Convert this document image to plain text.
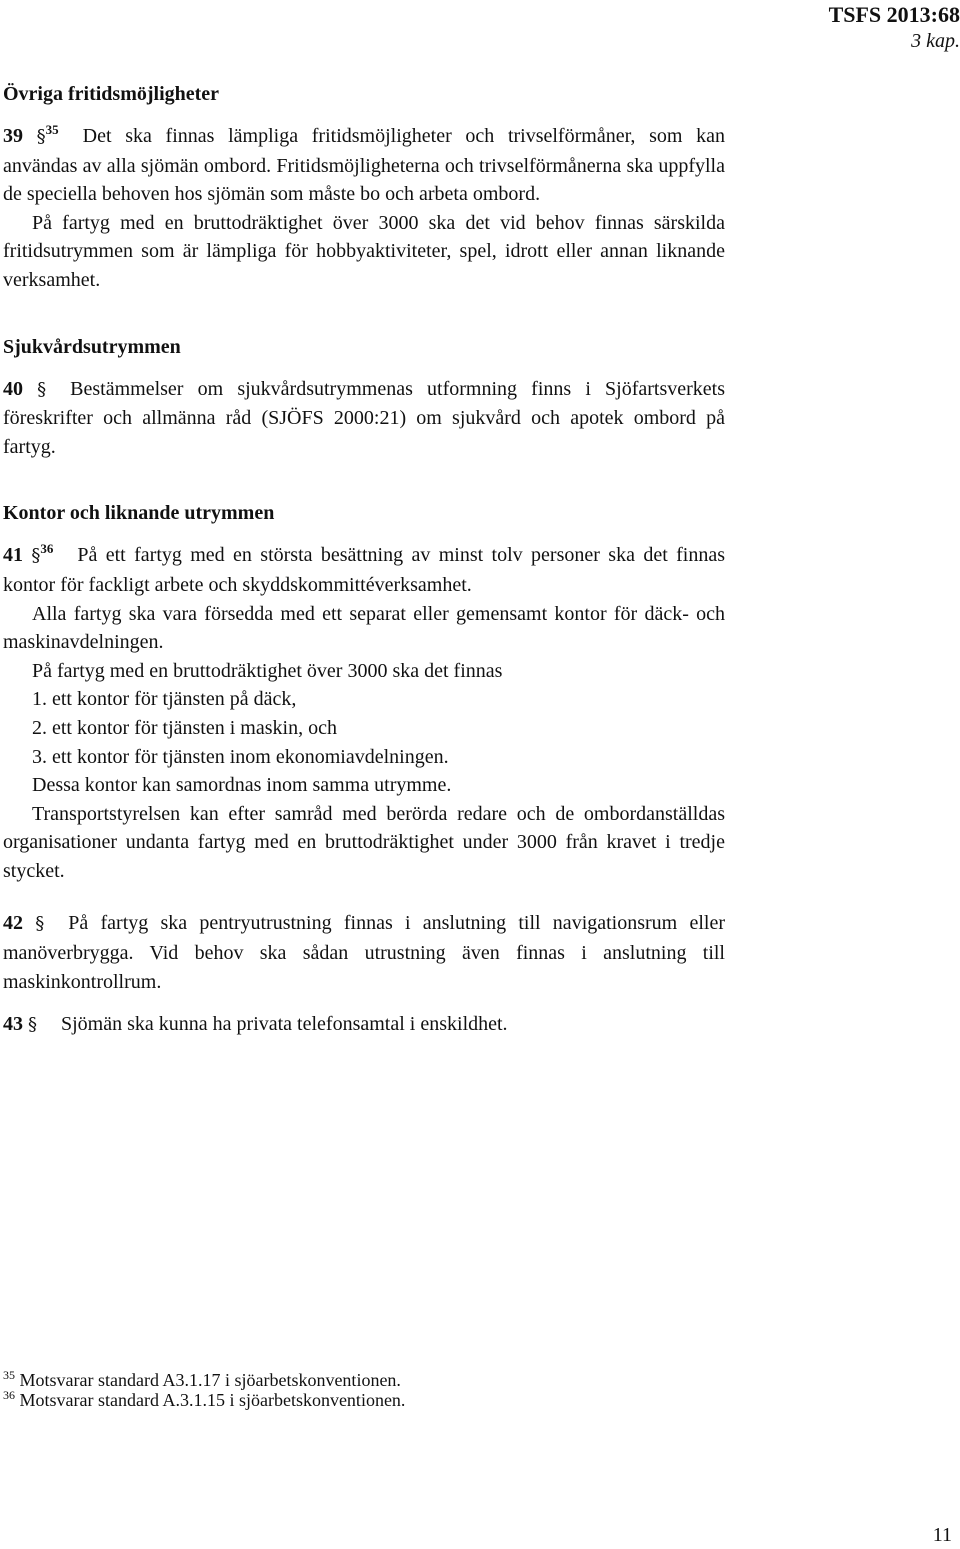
TSFS 2013:68
3 kap.
Övriga fritidsmöjligheter

39 §$^{35}$ Det ska finnas lämpliga fritidsmöjligheter och trivselförmåner, som kan användas av alla sjömän ombord. Fritidsmöjligheterna och trivselförmånerna ska uppfylla de speciella behoven hos sjömän som måste bo och arbeta ombord.

På fartyg med en bruttodräktighet över 3000 ska det vid behov finnas särskilda fritidsutrymmen som är lämpliga för hobbyaktiviteter, spel, idrott eller annan liknande verksamhet.

Sjukvårdsutrymmen

40 § Bestämmelser om sjukvårdsutrymmenas utformning finns i Sjöfartsverkets föreskrifter och allmänna råd (SJÖFS 2000:21) om sjukvård och apotek ombord på fartyg.

Kontor och liknande utrymmen

41 §$^{36}$ På ett fartyg med en största besättning av minst tolv personer ska det finnas kontor för fackligt arbete och skyddskommittéverksamhet.

Alla fartyg ska vara försedda med ett separat eller gemensamt kontor för däck- och maskinavdelningen.

På fartyg med en bruttodräktighet över 3000 ska det finnas

1. ett kontor för tjänsten på däck,

2. ett kontor för tjänsten i maskin, och

3. ett kontor för tjänsten inom ekonomiavdelningen.

Dessa kontor kan samordnas inom samma utrymme.

Transportstyrelsen kan efter samråd med berörda redare och de ombordanställdas organisationer undanta fartyg med en bruttodräktighet under 3000 från kravet i tredje stycket.

42 § På fartyg ska pentryutrustning finnas i anslutning till navigationsrum eller manöverbrygga. Vid behov ska sådan utrustning även finnas i anslutning till maskinkontrollrum.

43 § Sjömän ska kunna ha privata telefonsamtal i enskildhet.

$^{35}$ Motsvarar standard A3.1.17 i sjöarbetskonventionen.
$^{36}$ Motsvarar standard A.3.1.15 i sjöarbetskonventionen.
11
